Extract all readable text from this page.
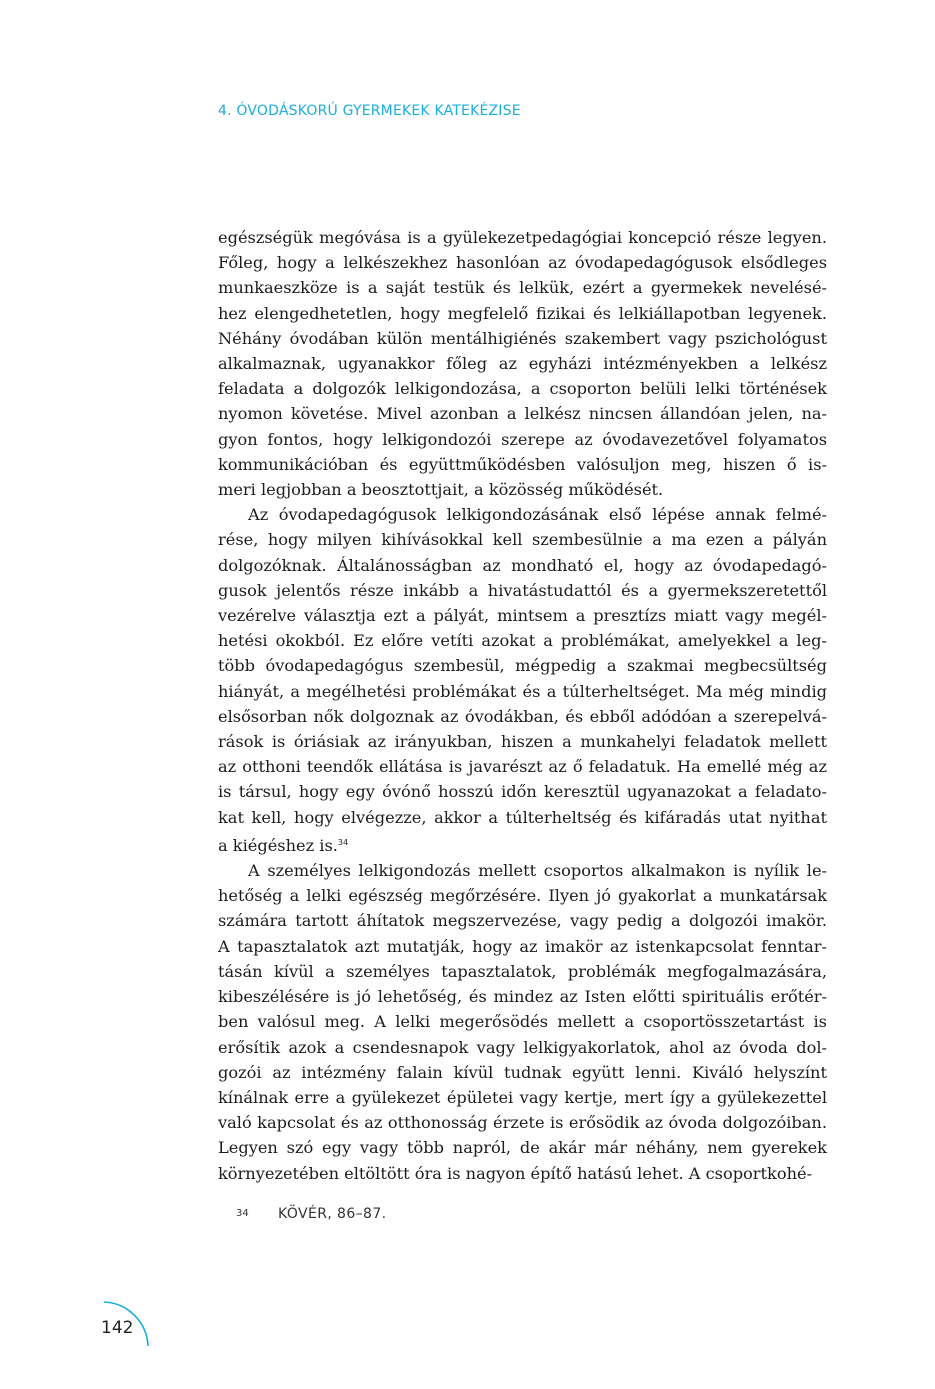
4. ÓVODÁSKORÚ GYERMEKEK KATEKÉZISE
egészségük megóvása is a gyülekezetpedagógiai koncepció része legyen.
Főleg, hogy a lelkészekhez hasonlóan az óvodapedagógusok elsődleges
munkaeszköze is a saját testük és lelkük, ezért a gyermekek nevelésé-
hez elengedhetetlen, hogy megfelelő fizikai és lelkiállapotban legyenek.
Néhány óvodában külön mentálhigiénés szakembert vagy pszichológust
alkalmaznak, ugyanakkor főleg az egyházi intézményekben a lelkész
feladata a dolgozók lelkigondozása, a csoporton belüli lelki történések
nyomon követése. Mivel azonban a lelkész nincsen állandóan jelen, na-
gyon fontos, hogy lelkigondozói szerepe az óvodavezetővel folyamatos
kommunikációban és együttműködésben valósuljon meg, hiszen ő is-
meri legjobban a beosztottjait, a közösség működését.
Az óvodapedagógusok lelkigondozásának első lépése annak felmé-
rése, hogy milyen kihívásokkal kell szembesülnie a ma ezen a pályán
dolgozóknak. Általánosságban az mondható el, hogy az óvodapedagó-
gusok jelentős része inkább a hivatástudattól és a gyermekszeretettől
vezérelve választja ezt a pályát, mintsem a presztízs miatt vagy megél-
hetési okokból. Ez előre vetíti azokat a problémákat, amelyekkel a leg-
több óvodapedagógus szembesül, mégpedig a szakmai megbecsültség
hiányát, a megélhetési problémákat és a túlterheltséget. Ma még mindig
elsősorban nők dolgoznak az óvodákban, és ebből adódóan a szerepelvá-
rások is óriásiak az irányukban, hiszen a munkahelyi feladatok mellett
az otthoni teendők ellátása is javarészt az ő feladatuk. Ha emellé még az
is társul, hogy egy óvónő hosszú időn keresztül ugyanazokat a feladato-
kat kell, hogy elvégezze, akkor a túlterheltség és kifáradás utat nyithat
a kiégéshez is.$^{34}$
A személyes lelkigondozás mellett csoportos alkalmakon is nyílik le-
hetőség a lelki egészség megőrzésére. Ilyen jó gyakorlat a munkatársak
számára tartott áhítatok megszervezése, vagy pedig a dolgozói imakör.
A tapasztalatok azt mutatják, hogy az imakör az istenkapcsolat fenntar-
tásán kívül a személyes tapasztalatok, problémák megfogalmazására,
kibeszélésére is jó lehetőség, és mindez az Isten előtti spirituális erőtér-
ben valósul meg. A lelki megerősödés mellett a csoportösszetartást is
erősítik azok a csendesnapok vagy lelkigyakorlatok, ahol az óvoda dol-
gozói az intézmény falain kívül tudnak együtt lenni. Kiváló helyszínt
kínálnak erre a gyülekezet épületei vagy kertje, mert így a gyülekezettel
való kapcsolat és az otthonosság érzete is erősödik az óvoda dolgozóiban.
Legyen szó egy vagy több napról, de akár már néhány, nem gyerekek
környezetében eltöltött óra is nagyon építő hatású lehet. A csoportkohé-
34 KÖVÉR, 86–87.
142
